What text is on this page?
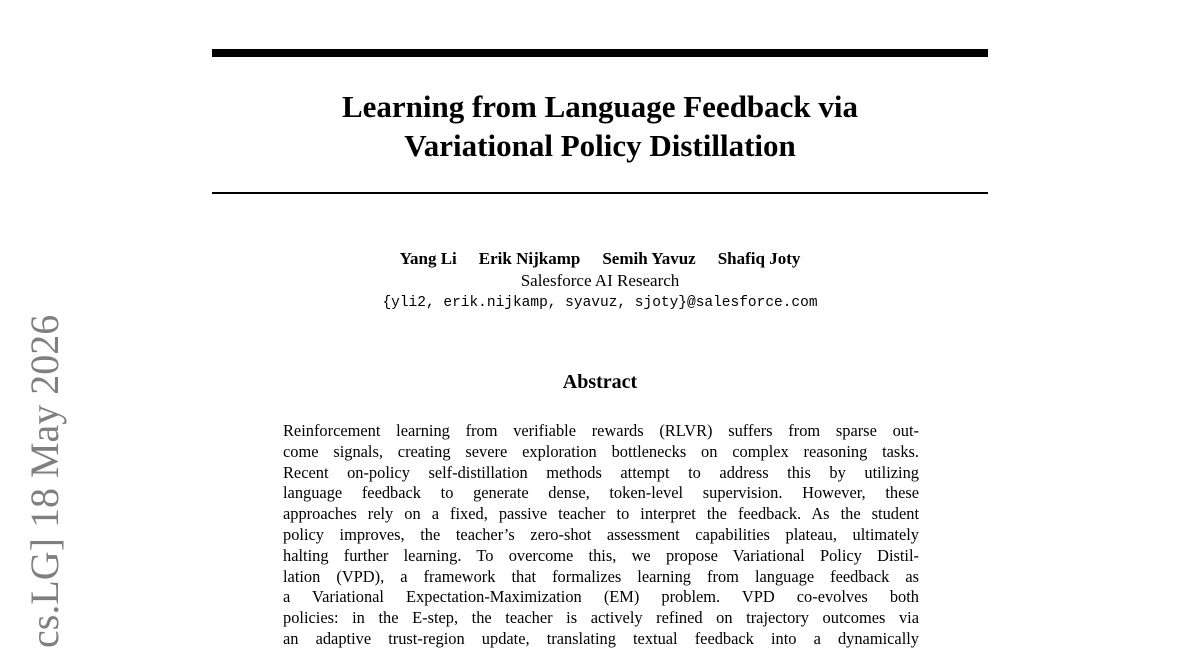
Learning from Language Feedback via
Variational Policy Distillation
Yang Li Erik Nijkamp Semih Yavuz Shafiq Joty
Salesforce AI Research
{yli2, erik.nijkamp, syavuz, sjoty}@salesforce.com
Abstract
Reinforcement learning from verifiable rewards (RLVR) suffers from sparse out-
come signals, creating severe exploration bottlenecks on complex reasoning tasks.
Recent on-policy self-distillation methods attempt to address this by utilizing
language feedback to generate dense, token-level supervision. However, these
approaches rely on a fixed, passive teacher to interpret the feedback. As the student
policy improves, the teacher’s zero-shot assessment capabilities plateau, ultimately
halting further learning. To overcome this, we propose Variational Policy Distil-
lation (VPD), a framework that formalizes learning from language feedback as
a Variational Expectation-Maximization (EM) problem. VPD co-evolves both
policies: in the E-step, the teacher is actively refined on trajectory outcomes via
an adaptive trust-region update, translating textual feedback into a dynamically
cs.LG] 18 May 2026
